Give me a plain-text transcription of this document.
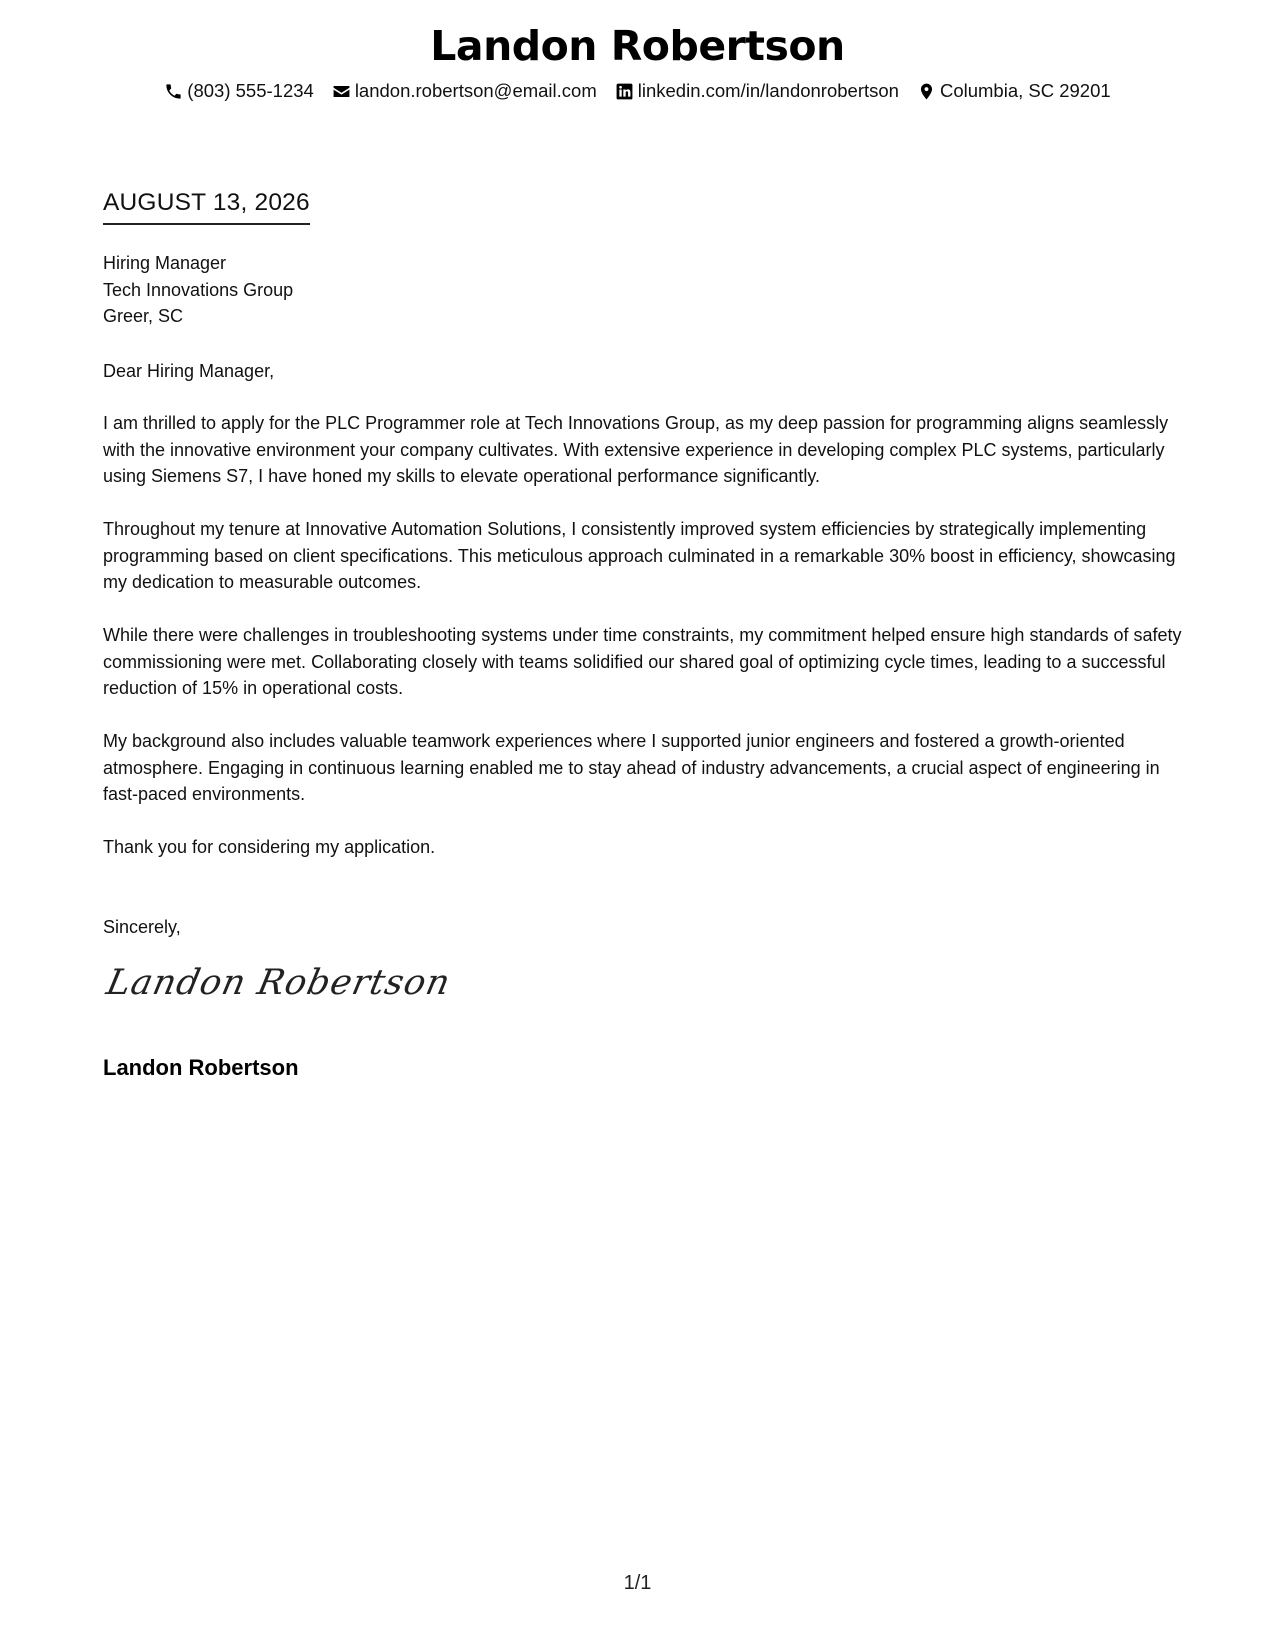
Landon Robertson
(803) 555-1234 landon.robertson@email.com linkedin.com/in/landonrobertson Columbia, SC 29201
AUGUST 13, 2026
Hiring Manager
Tech Innovations Group
Greer, SC

Dear Hiring Manager,

I am thrilled to apply for the PLC Programmer role at Tech Innovations Group, as my deep passion for programming aligns seamlessly with the innovative environment your company cultivates. With extensive experience in developing complex PLC systems, particularly using Siemens S7, I have honed my skills to elevate operational performance significantly.

Throughout my tenure at Innovative Automation Solutions, I consistently improved system efficiencies by strategically implementing programming based on client specifications. This meticulous approach culminated in a remarkable 30% boost in efficiency, showcasing my dedication to measurable outcomes.

While there were challenges in troubleshooting systems under time constraints, my commitment helped ensure high standards of safety commissioning were met. Collaborating closely with teams solidified our shared goal of optimizing cycle times, leading to a successful reduction of 15% in operational costs.

My background also includes valuable teamwork experiences where I supported junior engineers and fostered a growth-oriented atmosphere. Engaging in continuous learning enabled me to stay ahead of industry advancements, a crucial aspect of engineering in fast-paced environments.

Thank you for considering my application.

Sincerely,

Landon Robertson
Landon Robertson
1/1
